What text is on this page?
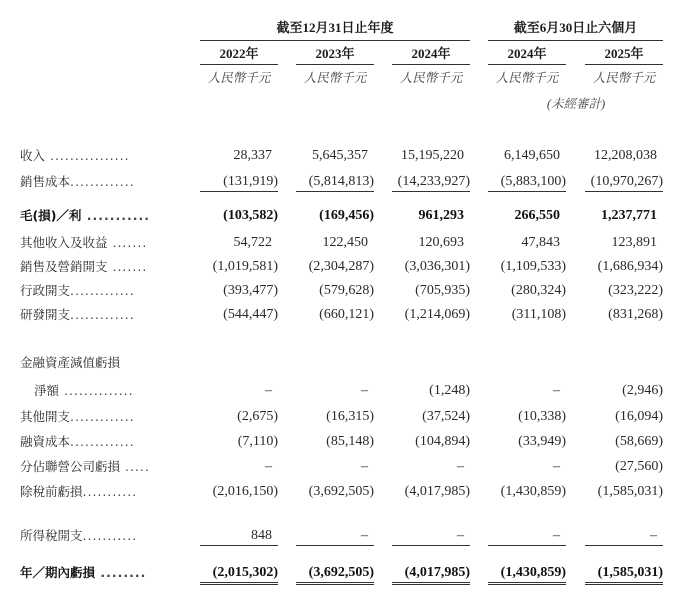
截至12月31日止年度	截至6月30日止六個月
2022年	2023年	2024年	2024年	2025年
人民幣千元	人民幣千元	人民幣千元	人民幣千元	人民幣千元
(未經審計)
收入 ................	28,337	5,645,357	15,195,220	6,149,650	12,208,038
銷售成本.............	(131,919)	(5,814,813)	(14,233,927)	(5,883,100)	(10,970,267)
毛(損)／利 ...........	(103,582)	(169,456)	961,293	266,550	1,237,771
其他收入及收益 .......	54,722	122,450	120,693	47,843	123,891
銷售及營銷開支 .......	(1,019,581)	(2,304,287)	(3,036,301)	(1,109,533)	(1,686,934)
行政開支.............	(393,477)	(579,628)	(705,935)	(280,324)	(323,222)
研發開支.............	(544,447)	(660,121)	(1,214,069)	(311,108)	(831,268)
金融資產減值虧損
淨額 ..............	–	–	(1,248)	–	(2,946)
其他開支.............	(2,675)	(16,315)	(37,524)	(10,338)	(16,094)
融資成本.............	(7,110)	(85,148)	(104,894)	(33,949)	(58,669)
分佔聯營公司虧損 .....	–	–	–	–	(27,560)
除稅前虧損...........	(2,016,150)	(3,692,505)	(4,017,985)	(1,430,859)	(1,585,031)
所得稅開支...........	848	–	–	–	–
年／期內虧損 ........	(2,015,302)	(3,692,505)	(4,017,985)	(1,430,859)	(1,585,031)
